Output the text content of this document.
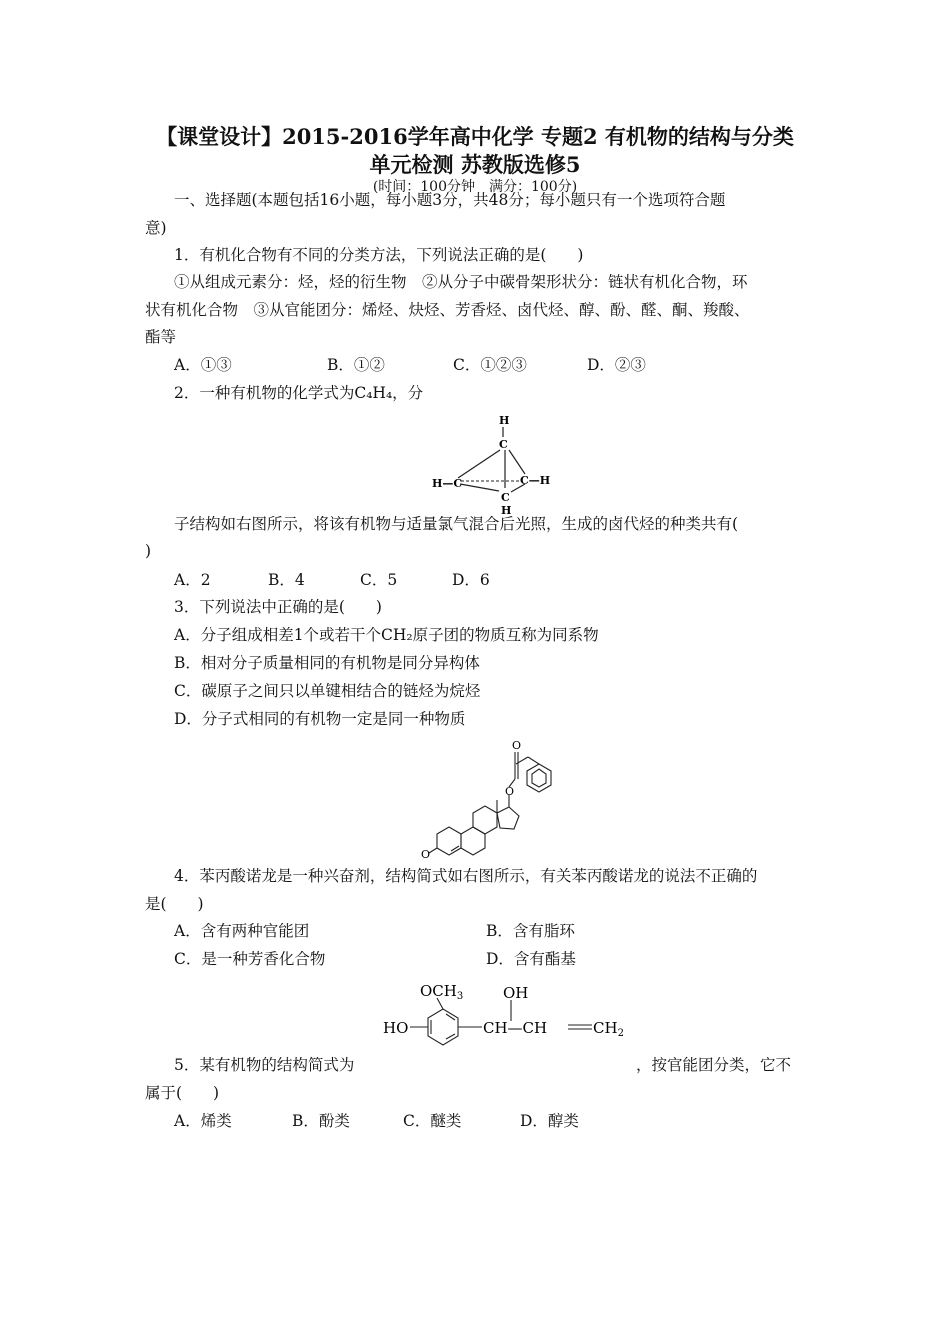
【课堂设计】2015-2016学年高中化学 专题2 有机物的结构与分类
单元检测 苏教版选修5
(时间：100分钟　满分：100分)
一、选择题(本题包括16小题，每小题3分，共48分；每小题只有一个选项符合题
意)
1．有机化合物有不同的分类方法，下列说法正确的是(　　)
①从组成元素分：烃，烃的衍生物　②从分子中碳骨架形状分：链状有机化合物，环
状有机化合物　③从官能团分：烯烃、炔烃、芳香烃、卤代烃、醇、酚、醛、酮、羧酸、
酯等
A．①③	B．①②	C．①②③	D．②③
2．一种有机物的化学式为C₄H₄，分
H
C
H—C	C—H
C
H
子结构如右图所示，将该有机物与适量氯气混合后光照，生成的卤代烃的种类共有(
)
A．2	B．4	C．5	D．6
3．下列说法中正确的是(　　)
A．分子组成相差1个或若干个CH₂原子团的物质互称为同系物
B．相对分子质量相同的有机物是同分异构体
C．碳原子之间只以单键相结合的链烃为烷烃
D．分子式相同的有机物一定是同一种物质
O
O
O
4．苯丙酸诺龙是一种兴奋剂，结构简式如右图所示，有关苯丙酸诺龙的说法不正确的
是(　　)
A．含有两种官能团	B．含有脂环
C．是一种芳香化合物	D．含有酯基
$OCH_3$	OH
HO	CH—CH	$CH_2$
5．某有机物的结构简式为	，按官能团分类，它不
属于(　　)
A．烯类	B．酚类	C．醚类	D．醇类
